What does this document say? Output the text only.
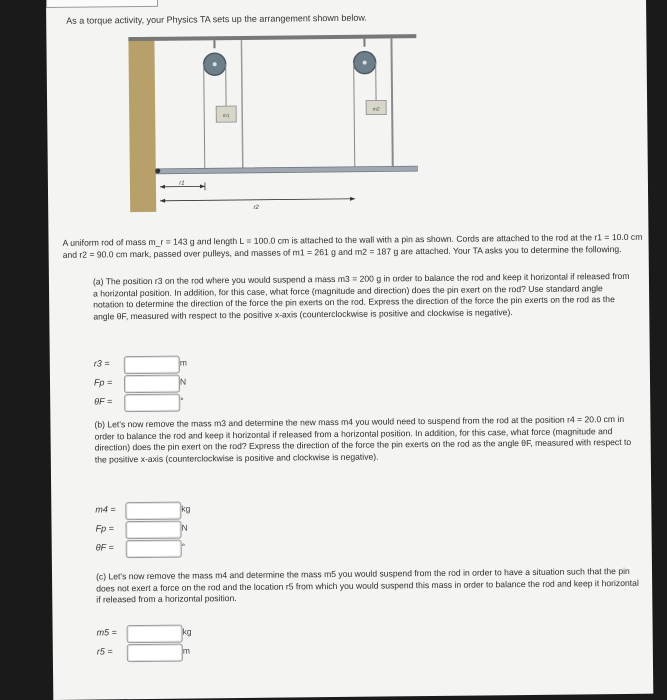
As a torque activity, your Physics TA sets up the arrangement shown below.
m1
m2
r1
r2
A uniform rod of mass m_r = 143 g and length L = 100.0 cm is attached to the wall with a pin as shown. Cords are attached to the rod at the r1 = 10.0 cm and r2 = 90.0 cm mark, passed over pulleys, and masses of m1 = 261 g and m2 = 187 g are attached. Your TA asks you to determine the following.
(a) The position r3 on the rod where you would suspend a mass m3 = 200 g in order to balance the rod and keep it horizontal if released from a horizontal position. In addition, for this case, what force (magnitude and direction) does the pin exert on the rod? Use standard angle notation to determine the direction of the force the pin exerts on the rod. Express the direction of the force the pin exerts on the rod as the angle θF, measured with respect to the positive x-axis (counterclockwise is positive and clockwise is negative).
r3 =	m
Fp =	N
θF =	°
(b) Let's now remove the mass m3 and determine the new mass m4 you would need to suspend from the rod at the position r4 = 20.0 cm in order to balance the rod and keep it horizontal if released from a horizontal position. In addition, for this case, what force (magnitude and direction) does the pin exert on the rod? Express the direction of the force the pin exerts on the rod as the angle θF, measured with respect to the positive x-axis (counterclockwise is positive and clockwise is negative).
m4 =	kg
Fp =	N
θF =	°
(c) Let's now remove the mass m4 and determine the mass m5 you would suspend from the rod in order to have a situation such that the pin does not exert a force on the rod and the location r5 from which you would suspend this mass in order to balance the rod and keep it horizontal if released from a horizontal position.
m5 =	kg
r5 =	m
